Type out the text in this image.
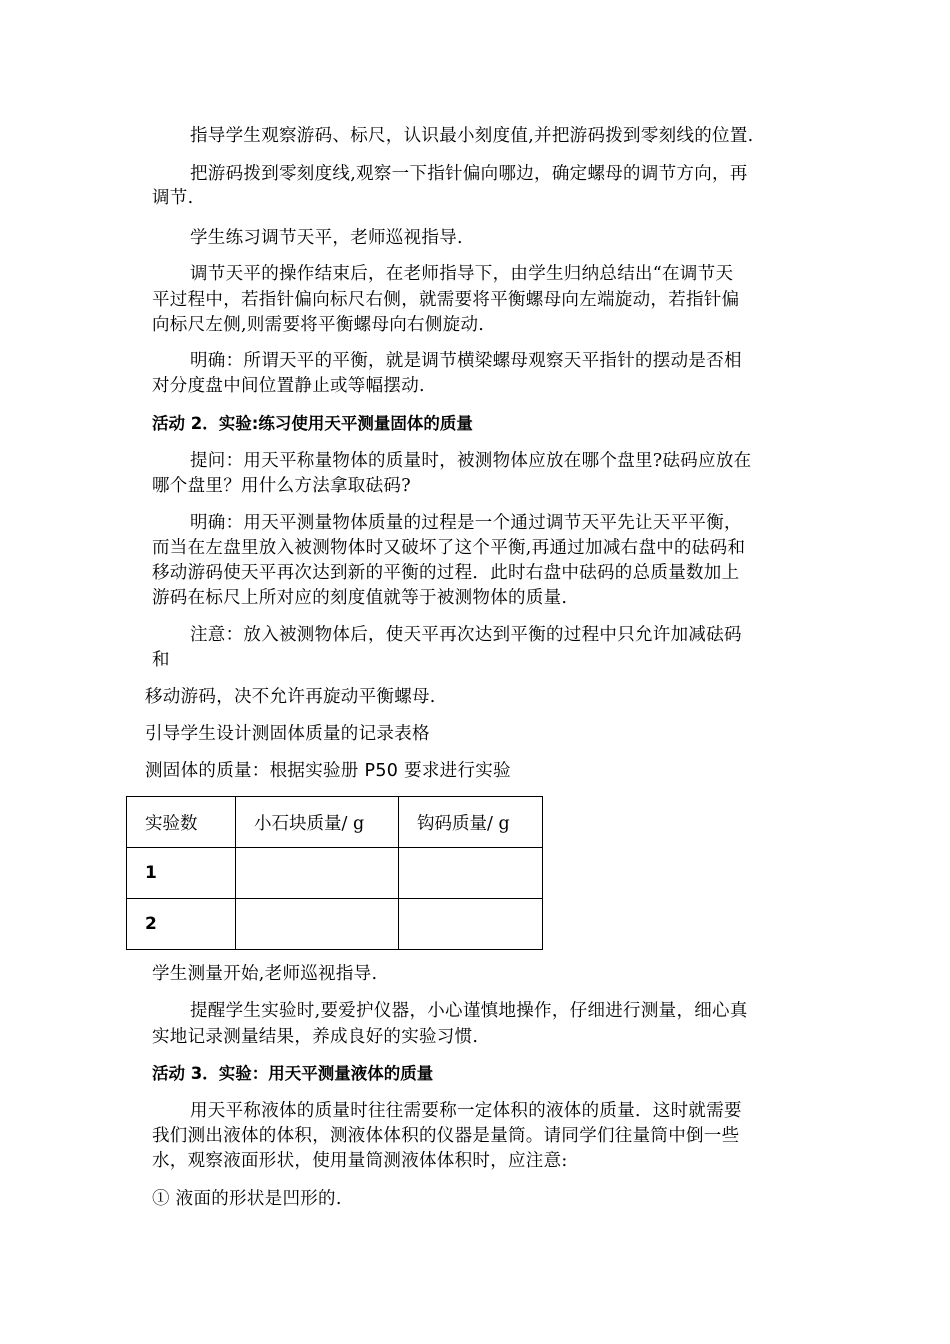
指导学生观察游码、标尺，认识最小刻度值,并把游码拨到零刻线的位置.
把游码拨到零刻度线,观察一下指针偏向哪边，确定螺母的调节方向，再
调节.
学生练习调节天平，老师巡视指导.
调节天平的操作结束后，在老师指导下，由学生归纳总结出“在调节天
平过程中，若指针偏向标尺右侧，就需要将平衡螺母向左端旋动，若指针偏
向标尺左侧,则需要将平衡螺母向右侧旋动.
明确：所谓天平的平衡，就是调节横梁螺母观察天平指针的摆动是否相
对分度盘中间位置静止或等幅摆动.
活动 2．实验:练习使用天平测量固体的质量
提问：用天平称量物体的质量时，被测物体应放在哪个盘里?砝码应放在
哪个盘里？用什么方法拿取砝码?
明确：用天平测量物体质量的过程是一个通过调节天平先让天平平衡，
而当在左盘里放入被测物体时又破坏了这个平衡,再通过加减右盘中的砝码和
移动游码使天平再次达到新的平衡的过程．此时右盘中砝码的总质量数加上
游码在标尺上所对应的刻度值就等于被测物体的质量.
注意：放入被测物体后，使天平再次达到平衡的过程中只允许加减砝码
和
移动游码，决不允许再旋动平衡螺母.
引导学生设计测固体质量的记录表格
测固体的质量：根据实验册 P50 要求进行实验
实验数	小石块质量/ g	钩码质量/ g
1		
2		
学生测量开始,老师巡视指导.
提醒学生实验时,要爱护仪器，小心谨慎地操作，仔细进行测量，细心真
实地记录测量结果，养成良好的实验习惯.
活动 3．实验：用天平测量液体的质量
用天平称液体的质量时往往需要称一定体积的液体的质量．这时就需要
我们测出液体的体积，测液体体积的仪器是量筒。请同学们往量筒中倒一些
水，观察液面形状，使用量筒测液体体积时，应注意:
① 液面的形状是凹形的.
